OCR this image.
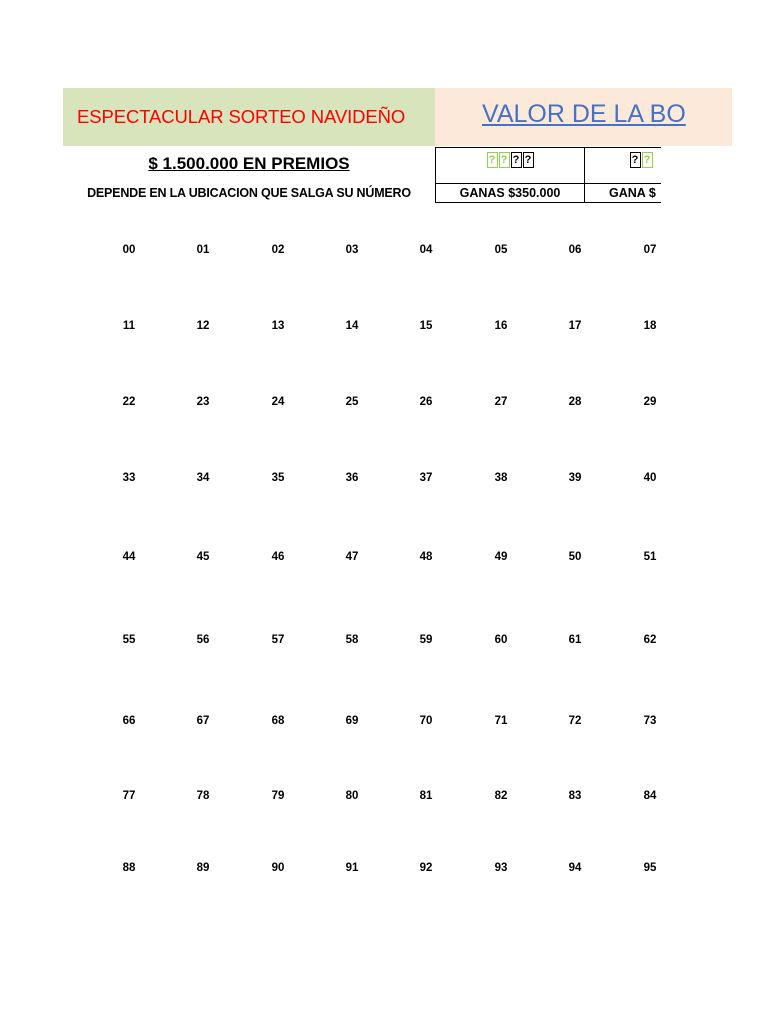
ESPECTACULAR SORTEO NAVIDEÑO	VALOR DE LA BO
$ 1.500.000 EN PREMIOS
DEPENDE EN LA UBICACION QUE SALGA SU NÚMERO
? ? ? ?
GANAS $350.000
? ?
GANA $
00	01	02	03	04	05	06	07
11	12	13	14	15	16	17	18
22	23	24	25	26	27	28	29
33	34	35	36	37	38	39	40
44	45	46	47	48	49	50	51
55	56	57	58	59	60	61	62
66	67	68	69	70	71	72	73
77	78	79	80	81	82	83	84
88	89	90	91	92	93	94	95
